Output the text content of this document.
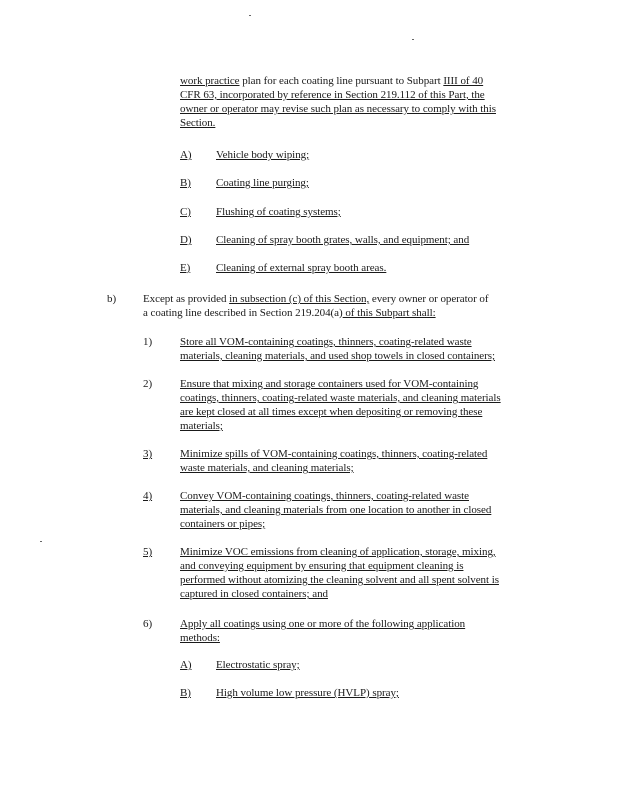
work practice plan for each coating line pursuant to Subpart IIII of 40
CFR 63, incorporated by reference in Section 219.112 of this Part, the
owner or operator may revise such plan as necessary to comply with this
Section.
A) Vehicle body wiping;
B) Coating line purging;
C) Flushing of coating systems;
D) Cleaning of spray booth grates, walls, and equipment; and
E) Cleaning of external spray booth areas.
b) Except as provided in subsection (c) of this Section, every owner or operator of
a coating line described in Section 219.204(a) of this Subpart shall:
1)	Store all VOM-containing coatings, thinners, coating-related waste
materials, cleaning materials, and used shop towels in closed containers;
2)	Ensure that mixing and storage containers used for VOM-containing
coatings, thinners, coating-related waste materials, and cleaning materials
are kept closed at all times except when depositing or removing these
materials;
3)	Minimize spills of VOM-containing coatings, thinners, coating-related
waste materials, and cleaning materials;
4)	Convey VOM-containing coatings, thinners, coating-related waste
materials, and cleaning materials from one location to another in closed
containers or pipes;
5)	Minimize VOC emissions from cleaning of application, storage, mixing,
and conveying equipment by ensuring that equipment cleaning is
performed without atomizing the cleaning solvent and all spent solvent is
captured in closed containers; and
6)	Apply all coatings using one or more of the following application
methods:
A) Electrostatic spray;
B) High volume low pressure (HVLP) spray;
